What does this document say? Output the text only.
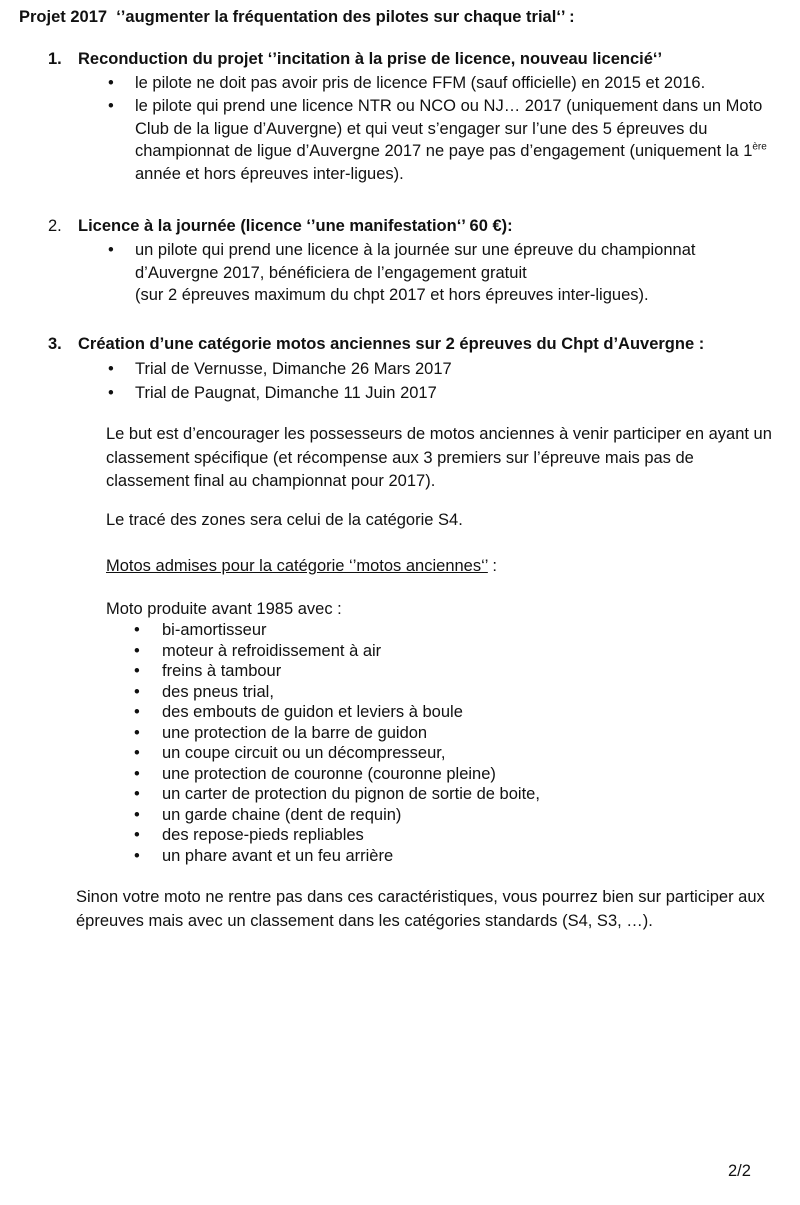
Projet 2017  ‘’augmenter la fréquentation des pilotes sur chaque trial‘’ :
1. Reconduction du projet ‘’incitation à la prise de licence, nouveau licencié‘’
• le pilote ne doit pas avoir pris de licence FFM (sauf officielle) en 2015 et 2016.
• le pilote qui prend une licence NTR ou NCO ou NJ… 2017 (uniquement dans un Moto Club de la ligue d’Auvergne) et qui veut s’engager sur l’une des 5 épreuves du championnat de ligue d’Auvergne 2017 ne paye pas d’engagement (uniquement la 1ère année et hors épreuves inter-ligues).
2. Licence à la journée (licence ‘’une manifestation‘’ 60 €):
• un pilote qui prend une licence à la journée sur une épreuve du championnat d’Auvergne 2017, bénéficiera de l’engagement gratuit
(sur 2 épreuves maximum du chpt 2017 et hors épreuves inter-ligues).
3. Création d’une catégorie motos anciennes sur 2 épreuves du Chpt d’Auvergne :
• Trial de Vernusse, Dimanche 26 Mars 2017
• Trial de Paugnat, Dimanche 11 Juin 2017
Le but est d’encourager les possesseurs de motos anciennes à venir participer en ayant un classement spécifique (et récompense aux 3 premiers sur l’épreuve mais pas de classement final au championnat pour 2017).
Le tracé des zones sera celui de la catégorie S4.
Motos admises pour la catégorie ‘’motos anciennes‘’ :
Moto produite avant 1985 avec :
• bi-amortisseur
• moteur à refroidissement à air
• freins à tambour
• des pneus trial,
• des embouts de guidon et leviers à boule
• une protection de la barre de guidon
• un coupe circuit ou un décompresseur,
• une protection de couronne (couronne pleine)
• un carter de protection du pignon de sortie de boite,
• un garde chaine (dent de requin)
• des repose-pieds repliables
• un phare avant et un feu arrière
Sinon votre moto ne rentre pas dans ces caractéristiques, vous pourrez bien sur participer aux épreuves mais avec un classement dans les catégories standards (S4, S3, …).
2/2
